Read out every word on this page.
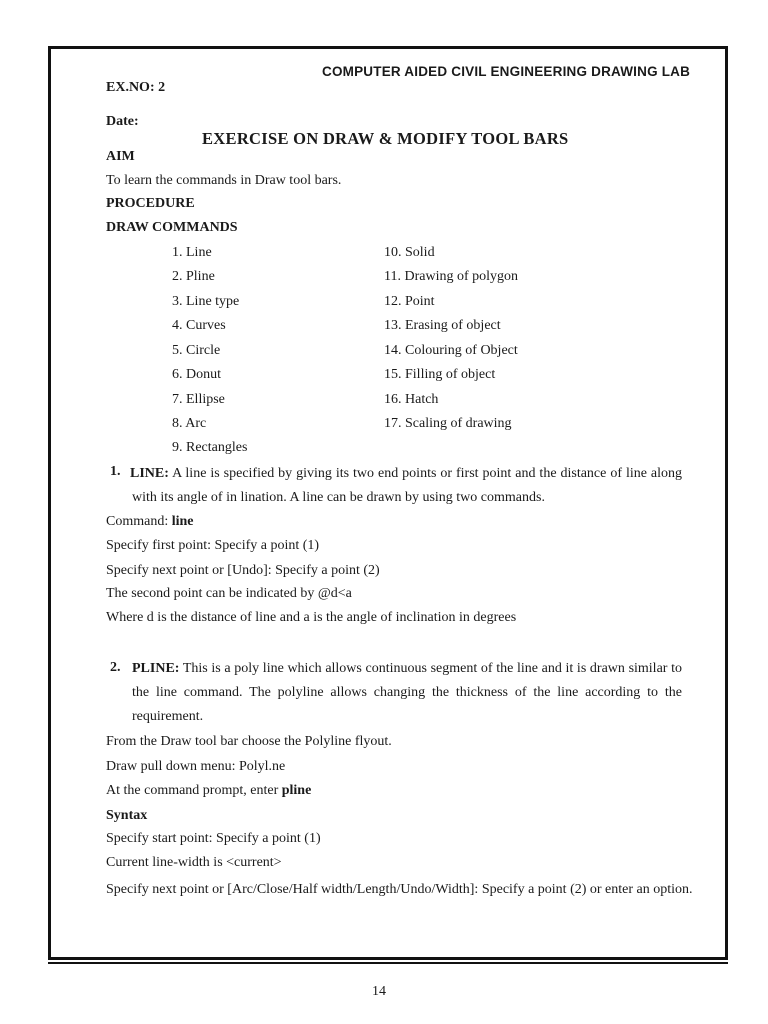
COMPUTER AIDED CIVIL ENGINEERING DRAWING LAB
EX.NO: 2
Date:
EXERCISE ON DRAW & MODIFY TOOL BARS
AIM
To learn the commands in Draw tool bars.
PROCEDURE
DRAW COMMANDS
1. Line
2. Pline
3. Line type
4. Curves
5. Circle
6. Donut
7. Ellipse
8. Arc
9. Rectangles
10. Solid
11. Drawing of polygon
12. Point
13. Erasing of object
14. Colouring of Object
15. Filling of object
16. Hatch
17. Scaling of drawing
1. LINE: A line is specified by giving its two end points or first point and the distance of line along with its angle of in lination. A line can be drawn by using two commands.
Command: line
Specify first point: Specify a point (1)
Specify next point or [Undo]: Specify a point (2)
The second point can be indicated by @d<a
Where d is the distance of line and a is the angle of inclination in degrees
2. PLINE: This is a poly line which allows continuous segment of the line and it is drawn similar to the line command. The polyline allows changing the thickness of the line according to the requirement.
From the Draw tool bar choose the Polyline flyout.
Draw pull down menu: Polyl.ne
At the command prompt, enter pline
Syntax
Specify start point: Specify a point (1)
Current line-width is <current>
Specify next point or [Arc/Close/Half width/Length/Undo/Width]: Specify a point (2) or enter an option.
14
